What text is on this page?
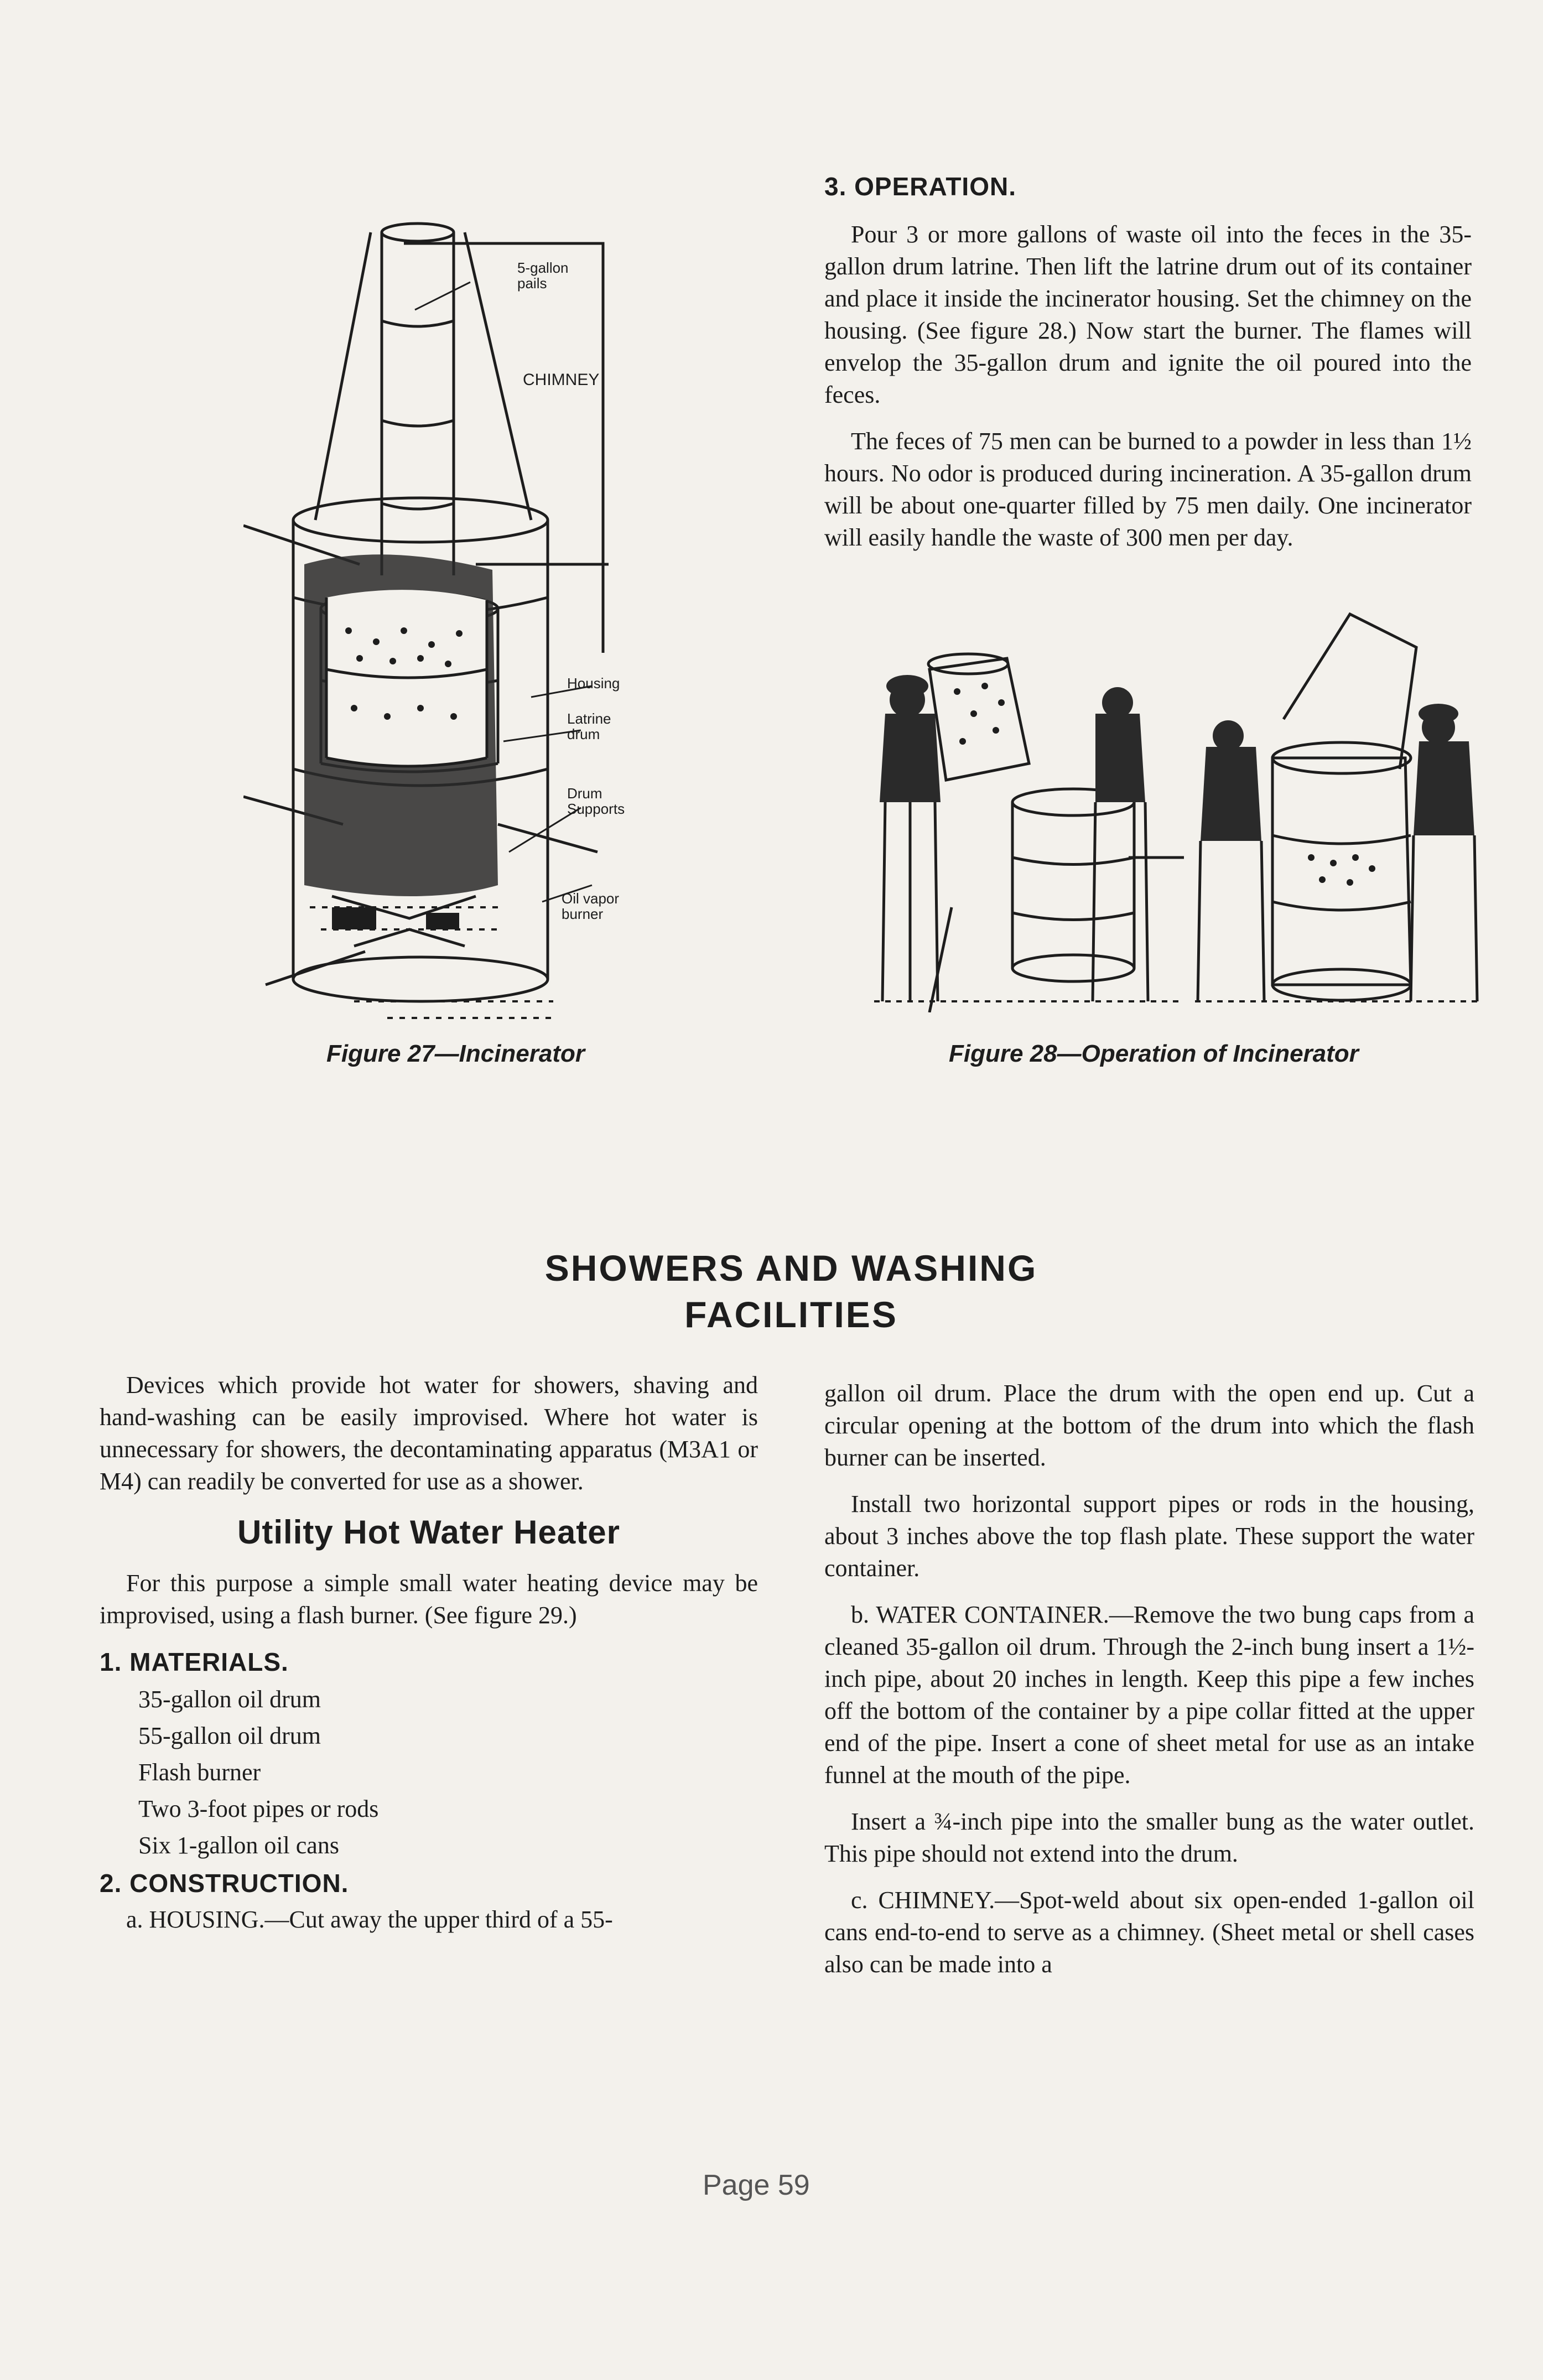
5-gallon pails
CHIMNEY
Housing
Latrine drum
Drum Supports
Oil vapor burner
Figure 27—Incinerator
3. OPERATION.

Pour 3 or more gallons of waste oil into the feces in the 35-gallon drum latrine. Then lift the latrine drum out of its container and place it inside the incinerator housing. Set the chimney on the housing. (See figure 28.) Now start the burner. The flames will envelop the 35-gallon drum and ignite the oil poured into the feces.

The feces of 75 men can be burned to a powder in less than 1½ hours. No odor is produced during incineration. A 35-gallon drum will be about one-quarter filled by 75 men daily. One incinerator will easily handle the waste of 300 men per day.

Figure 28—Operation of Incinerator
SHOWERS AND WASHING
FACILITIES

Devices which provide hot water for showers, shaving and hand-washing can be easily improvised. Where hot water is unnecessary for showers, the decontaminating apparatus (M3A1 or M4) can readily be converted for use as a shower.

Utility Hot Water Heater

For this purpose a simple small water heating device may be improvised, using a flash burner. (See figure 29.)

1. MATERIALS.
35-gallon oil drum
55-gallon oil drum
Flash burner
Two 3-foot pipes or rods
Six 1-gallon oil cans
2. CONSTRUCTION.

a. HOUSING.—Cut away the upper third of a 55-

gallon oil drum. Place the drum with the open end up. Cut a circular opening at the bottom of the drum into which the flash burner can be inserted.

Install two horizontal support pipes or rods in the housing, about 3 inches above the top flash plate. These support the water container.

b. WATER CONTAINER.—Remove the two bung caps from a cleaned 35-gallon oil drum. Through the 2-inch bung insert a 1½-inch pipe, about 20 inches in length. Keep this pipe a few inches off the bottom of the container by a pipe collar fitted at the upper end of the pipe. Insert a cone of sheet metal for use as an intake funnel at the mouth of the pipe.

Insert a ¾-inch pipe into the smaller bung as the water outlet. This pipe should not extend into the drum.

c. CHIMNEY.—Spot-weld about six open-ended 1-gallon oil cans end-to-end to serve as a chimney. (Sheet metal or shell cases also can be made into a

Page 59
